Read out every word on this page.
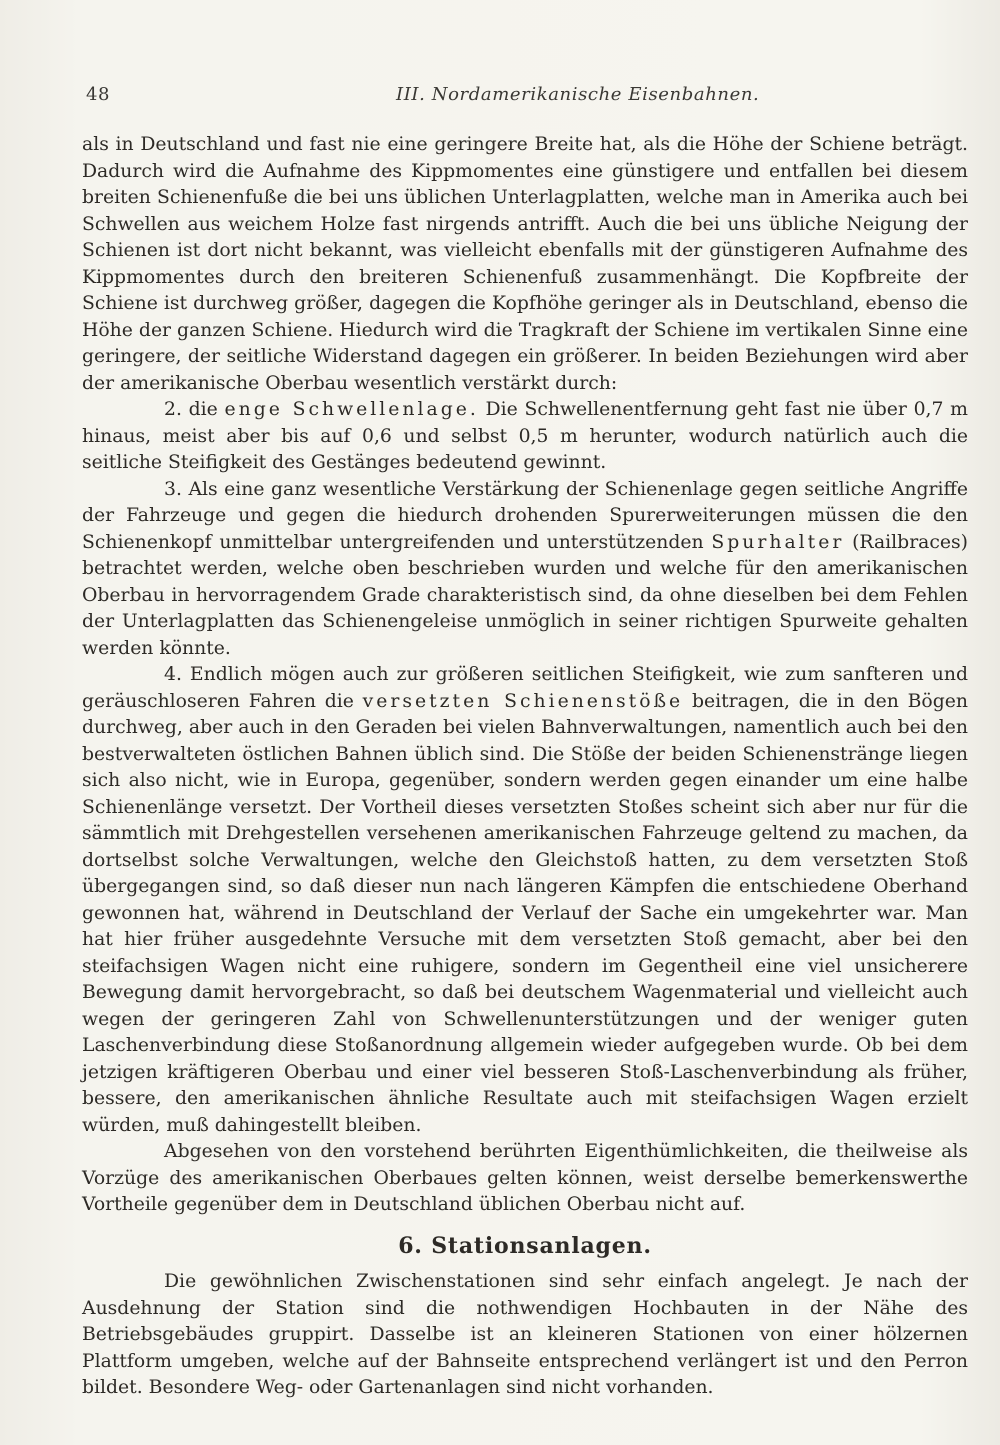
48	III. Nordamerikanische Eisenbahnen.

als in Deutschland und fast nie eine geringere Breite hat, als die Höhe der Schiene beträgt. Dadurch wird die Aufnahme des Kippmomentes eine günstigere und entfallen bei diesem breiten Schienenfuße die bei uns üblichen Unterlagplatten, welche man in Amerika auch bei Schwellen aus weichem Holze fast nirgends antrifft. Auch die bei uns übliche Neigung der Schienen ist dort nicht bekannt, was vielleicht ebenfalls mit der günstigeren Aufnahme des Kippmomentes durch den breiteren Schienenfuß zusammenhängt. Die Kopfbreite der Schiene ist durchweg größer, dagegen die Kopfhöhe geringer als in Deutschland, ebenso die Höhe der ganzen Schiene. Hiedurch wird die Tragkraft der Schiene im vertikalen Sinne eine geringere, der seitliche Widerstand dagegen ein größerer. In beiden Beziehungen wird aber der amerikanische Oberbau wesentlich verstärkt durch:

2. die enge Schwellenlage. Die Schwellenentfernung geht fast nie über 0,7 m hinaus, meist aber bis auf 0,6 und selbst 0,5 m herunter, wodurch natürlich auch die seitliche Steifigkeit des Gestänges bedeutend gewinnt.

3. Als eine ganz wesentliche Verstärkung der Schienenlage gegen seitliche Angriffe der Fahrzeuge und gegen die hiedurch drohenden Spurerweiterungen müssen die den Schienenkopf unmittelbar untergreifenden und unterstützenden Spurhalter (Railbraces) betrachtet werden, welche oben beschrieben wurden und welche für den amerikanischen Oberbau in hervorragendem Grade charakteristisch sind, da ohne dieselben bei dem Fehlen der Unterlagplatten das Schienengeleise unmöglich in seiner richtigen Spurweite gehalten werden könnte.

4. Endlich mögen auch zur größeren seitlichen Steifigkeit, wie zum sanfteren und geräuschloseren Fahren die versetzten Schienenstöße beitragen, die in den Bögen durchweg, aber auch in den Geraden bei vielen Bahnverwaltungen, namentlich auch bei den bestverwalteten östlichen Bahnen üblich sind. Die Stöße der beiden Schienenstränge liegen sich also nicht, wie in Europa, gegenüber, sondern werden gegen einander um eine halbe Schienenlänge versetzt. Der Vortheil dieses versetzten Stoßes scheint sich aber nur für die sämmtlich mit Drehgestellen versehenen amerikanischen Fahrzeuge geltend zu machen, da dortselbst solche Verwaltungen, welche den Gleichstoß hatten, zu dem versetzten Stoß übergegangen sind, so daß dieser nun nach längeren Kämpfen die entschiedene Oberhand gewonnen hat, während in Deutschland der Verlauf der Sache ein umgekehrter war. Man hat hier früher ausgedehnte Versuche mit dem versetzten Stoß gemacht, aber bei den steifachsigen Wagen nicht eine ruhigere, sondern im Gegentheil eine viel unsicherere Bewegung damit hervorgebracht, so daß bei deutschem Wagenmaterial und vielleicht auch wegen der geringeren Zahl von Schwellenunterstützungen und der weniger guten Laschenverbindung diese Stoßanordnung allgemein wieder aufgegeben wurde. Ob bei dem jetzigen kräftigeren Oberbau und einer viel besseren Stoß-Laschenverbindung als früher, bessere, den amerikanischen ähnliche Resultate auch mit steifachsigen Wagen erzielt würden, muß dahingestellt bleiben.

Abgesehen von den vorstehend berührten Eigenthümlichkeiten, die theilweise als Vorzüge des amerikanischen Oberbaues gelten können, weist derselbe bemerkenswerthe Vortheile gegenüber dem in Deutschland üblichen Oberbau nicht auf.

6. Stationsanlagen.

Die gewöhnlichen Zwischenstationen sind sehr einfach angelegt. Je nach der Ausdehnung der Station sind die nothwendigen Hochbauten in der Nähe des Betriebsgebäudes gruppirt. Dasselbe ist an kleineren Stationen von einer hölzernen Plattform umgeben, welche auf der Bahnseite entsprechend verlängert ist und den Perron bildet. Besondere Weg- oder Gartenanlagen sind nicht vorhanden.
